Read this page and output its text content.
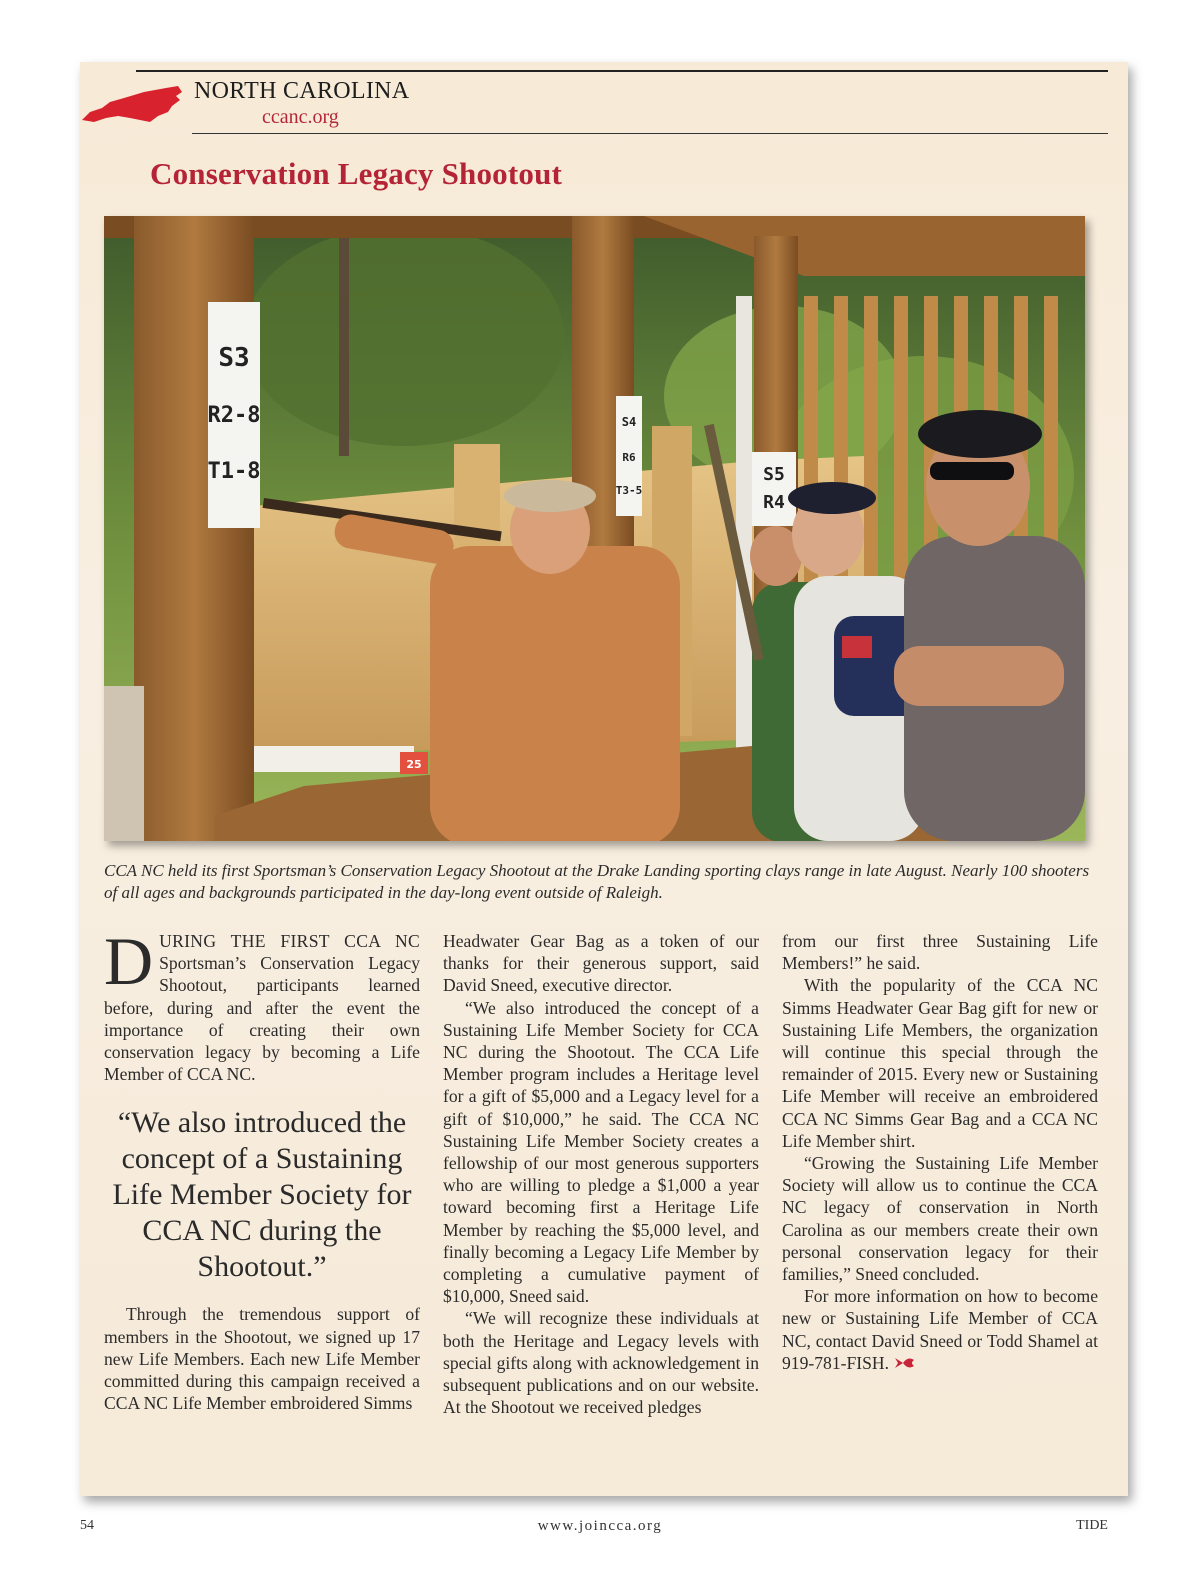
NORTH CAROLINA
ccanc.org
Conservation Legacy Shootout
S3
R2-8
T1-8
S4
R6
T3-5
S5
R4
25
CCA NC held its first Sportsman’s Conservation Legacy Shootout at the Drake Landing sporting clays range in late August. Nearly 100 shooters of all ages and backgrounds participated in the day-long event outside of Raleigh.

DURING THE FIRST CCA NC Sportsman’s Conservation Legacy Shootout, participants learned before, during and after the event the importance of creating their own conservation legacy by becoming a Life Member of CCA NC.

“We also introduced the concept of a Sustaining Life Member Society for CCA NC during the Shootout.”

Through the tremendous support of members in the Shootout, we signed up 17 new Life Members. Each new Life Member committed during this campaign received a CCA NC Life Member embroidered Simms

Headwater Gear Bag as a token of our thanks for their generous support, said David Sneed, executive director.

“We also introduced the concept of a Sustaining Life Member Society for CCA NC during the Shootout. The CCA Life Member program includes a Heritage level for a gift of $5,000 and a Legacy level for a gift of $10,000,” he said. The CCA NC Sustaining Life Member Society creates a fellowship of our most generous supporters who are willing to pledge a $1,000 a year toward becoming first a Heritage Life Member by reaching the $5,000 level, and finally becoming a Legacy Life Member by completing a cumulative payment of $10,000, Sneed said.

“We will recognize these individuals at both the Heritage and Legacy levels with special gifts along with acknowledgement in subsequent publications and on our website. At the Shootout we received pledges

from our first three Sustaining Life Members!” he said.

With the popularity of the CCA NC Simms Headwater Gear Bag gift for new or Sustaining Life Members, the organization will continue this special through the remainder of 2015. Every new or Sustaining Life Member will receive an embroidered CCA NC Simms Gear Bag and a CCA NC Life Member shirt.

“Growing the Sustaining Life Member Society will allow us to continue the CCA NC legacy of conservation in North Carolina as our members create their own personal conservation legacy for their families,” Sneed concluded.

For more information on how to become new or Sustaining Life Member of CCA NC, contact David Sneed or Todd Shamel at 919-781-FISH.

54	www.joincca.org	TIDE
